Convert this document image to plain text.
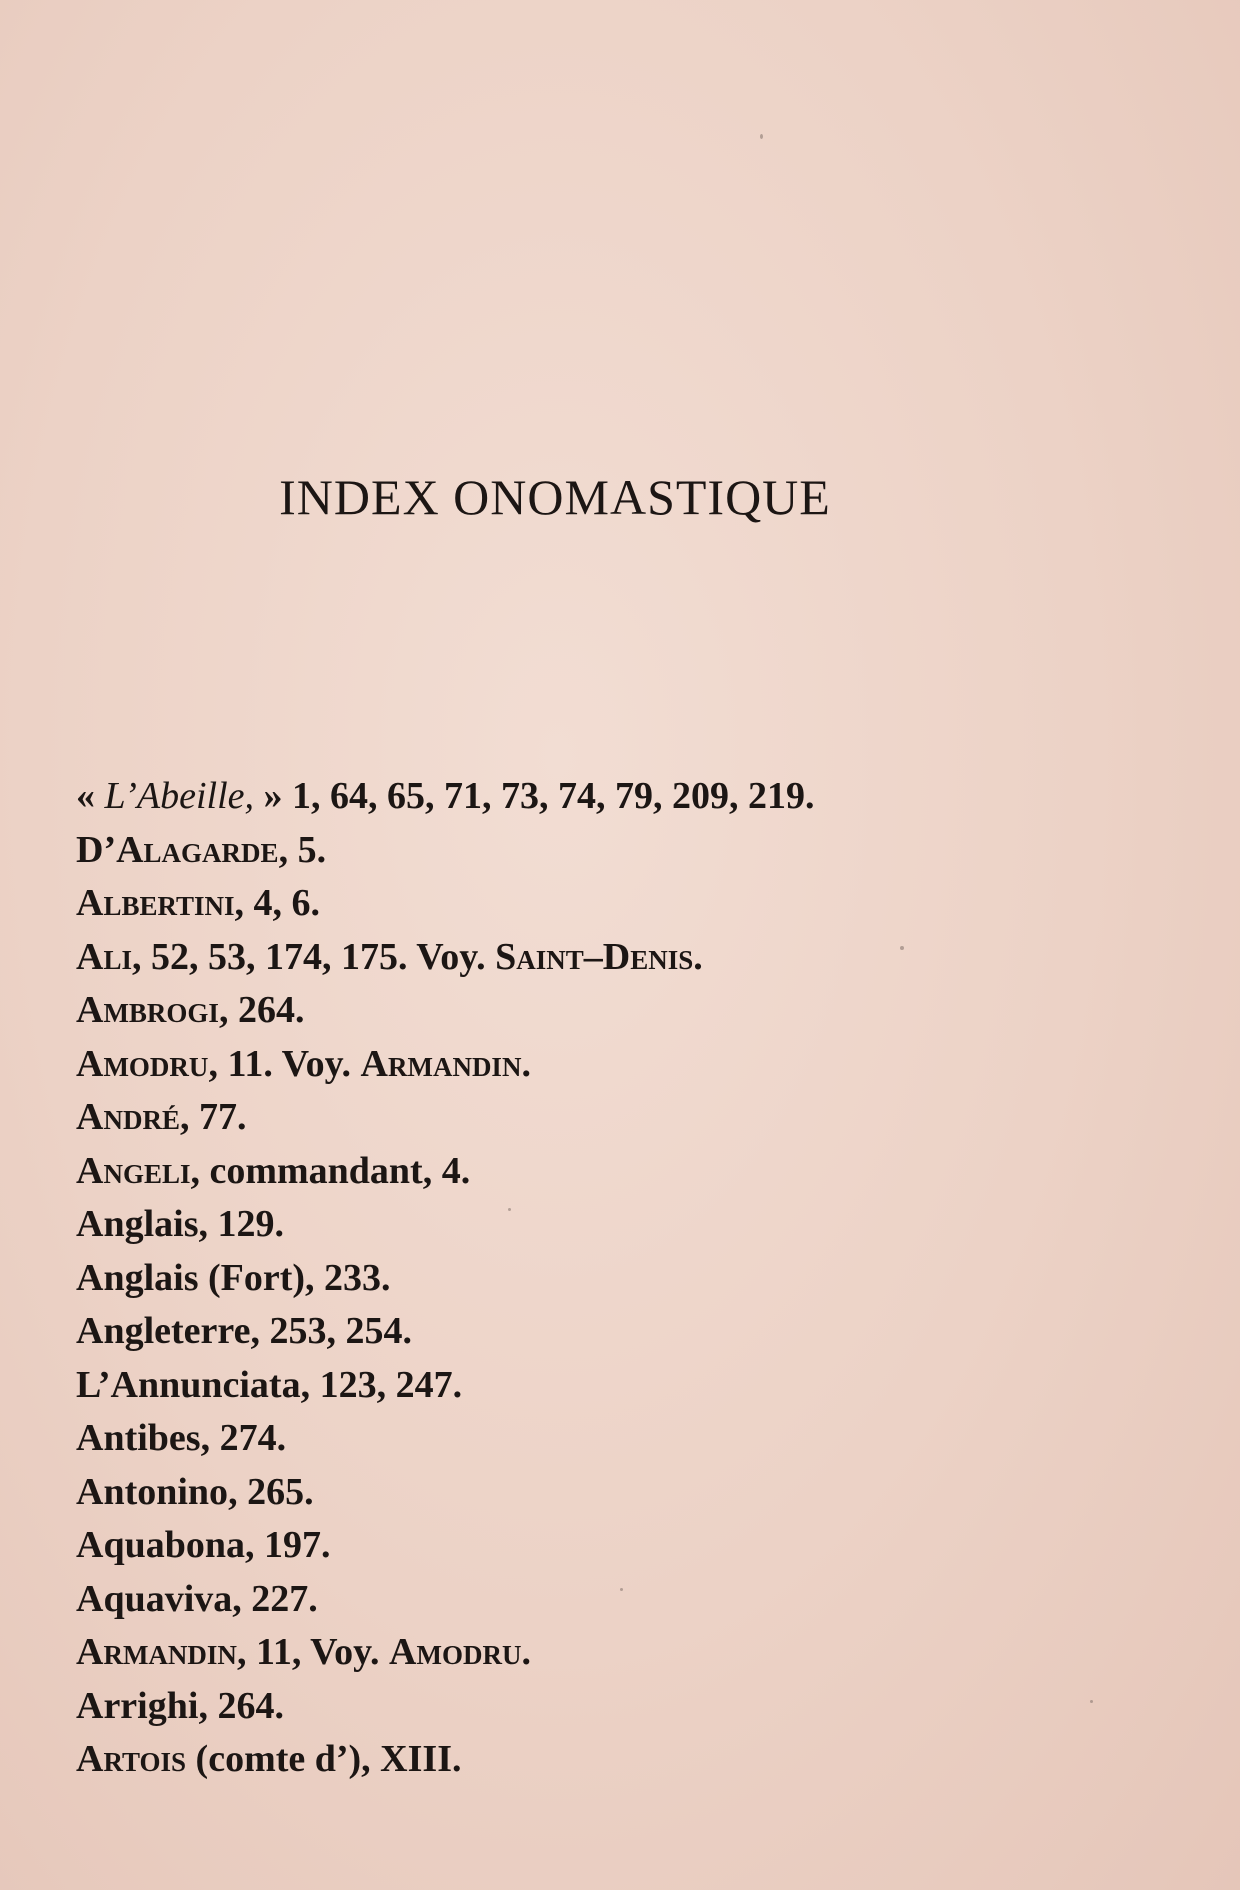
INDEX ONOMASTIQUE
« L’Abeille, » 1, 64, 65, 71, 73, 74, 79, 209, 219.
D’Alagarde, 5.
Albertini, 4, 6.
Ali, 52, 53, 174, 175. Voy. Saint–Denis.
Ambrogi, 264.
Amodru, 11. Voy. Armandin.
André, 77.
Angeli, commandant, 4.
Anglais, 129.
Anglais (Fort), 233.
Angleterre, 253, 254.
L’Annunciata, 123, 247.
Antibes, 274.
Antonino, 265.
Aquabona, 197.
Aquaviva, 227.
Armandin, 11, Voy. Amodru.
Arrighi, 264.
Artois (comte d’), XIII.
